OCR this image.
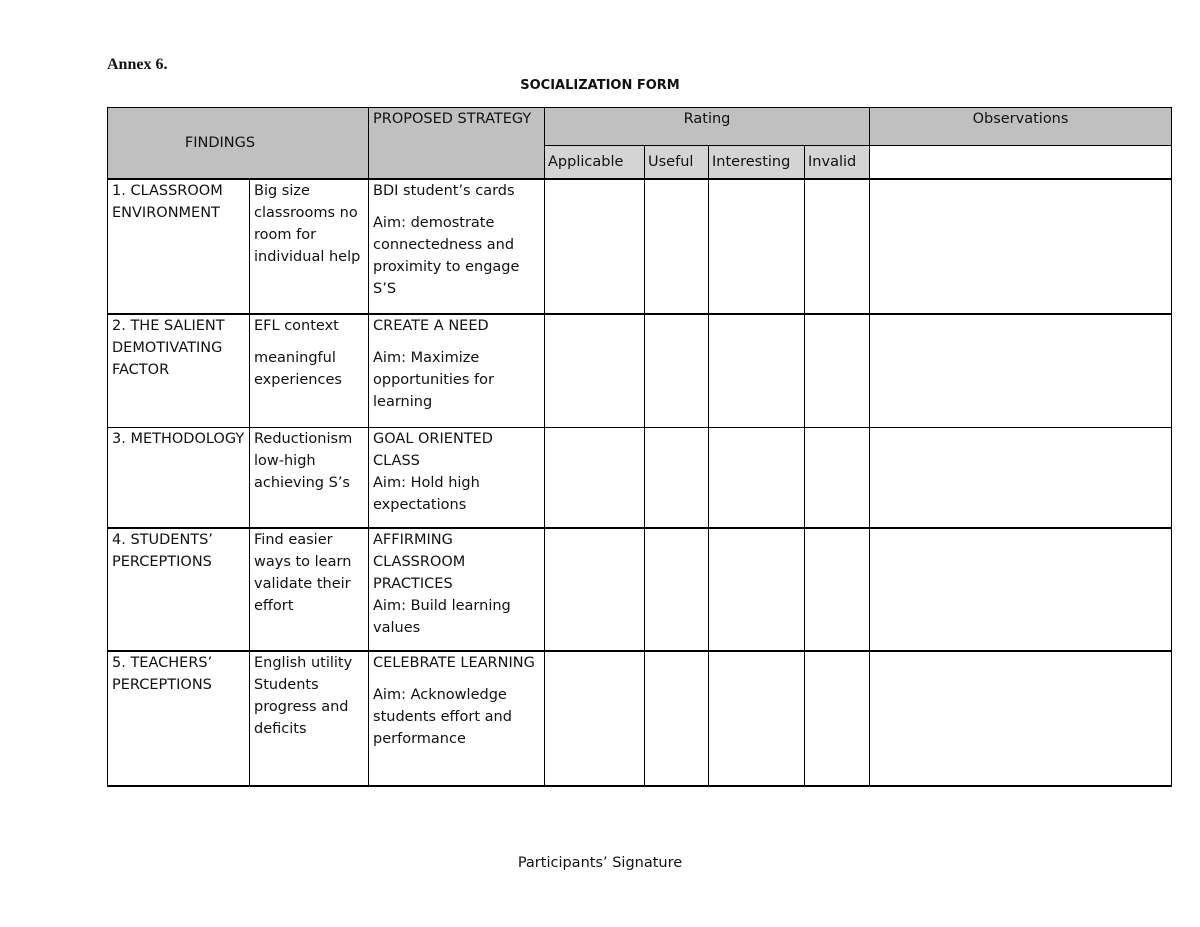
Annex 6.
SOCIALIZATION FORM
FINDINGS		PROPOSED STRATEGY	Rating				Observations
			Applicable	Useful	Interesting	Invalid	

1. CLASSROOM ENVIRONMENT	Big size classrooms no room for individual help	BDI student’s cards
Aim: demostrate connectedness and proximity to engage S’S					

2. THE SALIENT DEMOTIVATING FACTOR	EFL context
meaningful experiences	CREATE A NEED
Aim: Maximize opportunities for learning					

3. METHODOLOGY	Reductionism low-high achieving S’s	GOAL ORIENTED CLASS
Aim: Hold high expectations					

4. STUDENTS’ PERCEPTIONS	Find easier ways to learn validate their effort	AFFIRMING CLASSROOM PRACTICES
Aim: Build learning values					

5. TEACHERS’ PERCEPTIONS	English utility Students progress and deficits	CELEBRATE LEARNING
Aim: Acknowledge students effort and performance					

Participants’ Signature
